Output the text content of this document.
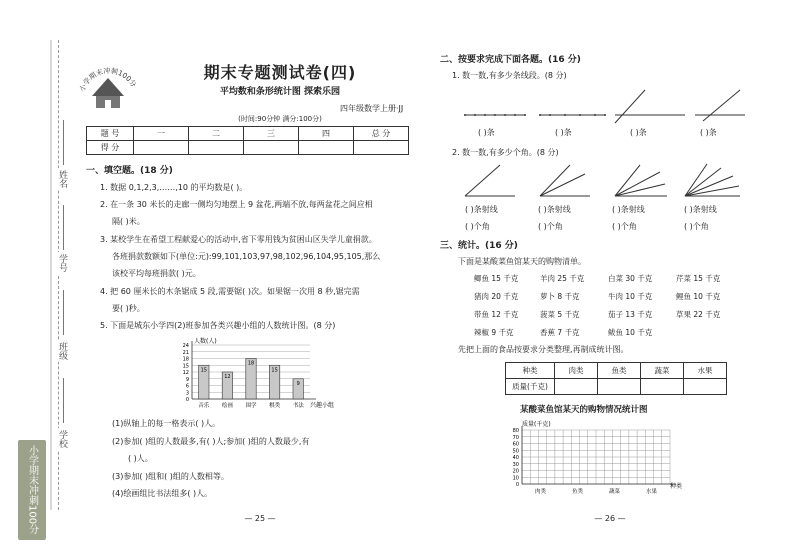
姓名
学号
班级
学校
小学期末冲刺100分
小学期末冲刺100分
期末专题测试卷(四)
平均数和条形统计图 探索乐园
四年级数学上册·JJ
(时间:90分钟 满分:100分)
题 号	一	二	三	四	总 分
得 分					
一、填空题。(18 分)
1. 数据 0,1,2,3,……,10 的平均数是( )。
2. 在一条 30 米长的走廊一侧均匀地摆上 9 盆花,两端不放,每两盆花之间应相
隔( )米。
3. 某校学生在希望工程献爱心的活动中,省下零用钱为贫困山区失学儿童捐款。
各班捐款数额如下(单位:元):99,101,103,97,98,102,96,104,95,105,那么
该校平均每班捐款( )元。
4. 把 60 厘米长的木条锯成 5 段,需要锯( )次。如果锯一次用 8 秒,锯完需
要( )秒。
5. 下面是城东小学四(2)班参加各类兴趣小组的人数统计图。(8 分)
人数(人)
兴趣小组
0
3
6
9
12
15
18
21
24
15
音乐
12
绘画
18
围学
15
棋类
9
书法
(1)纵轴上的每一格表示( )人。
(2)参加( )组的人数最多,有( )人;参加( )组的人数最少,有
( )人。
(3)参加( )组和( )组的人数相等。
(4)绘画组比书法组多( )人。
— 25 —
二、按要求完成下面各题。(16 分)
1. 数一数,有多少条线段。(8 分)
( )条	( )条	( )条	( )条
2. 数一数,有多少个角。(8 分)
( )条射线	( )条射线	( )条射线	( )条射线
( )个角	( )个角	( )个角	( )个角
三、统计。(16 分)
下面是某酸菜鱼馆某天的购物清单。
鲫鱼 15 千克	羊肉 25 千克	白菜 30 千克	芹菜 15 千克
猪肉 20 千克	萝卜 8 千克	牛肉 10 千克	鲤鱼 10 千克
带鱼 12 千克	菠菜 5 千克	茄子 13 千克	草果 22 千克
辣椒 9 千克	香蕉 7 千克	鲅鱼 10 千克
先把上面的食品按要求分类整理,再制成统计图。
种类	肉类	鱼类	蔬菜	水果
质量(千克)				
某酸菜鱼馆某天的购物情况统计图
质量(千克)
种类
0
10
20
30
40
50
60
70
80
肉类	鱼类	蔬菜	水果
— 26 —
